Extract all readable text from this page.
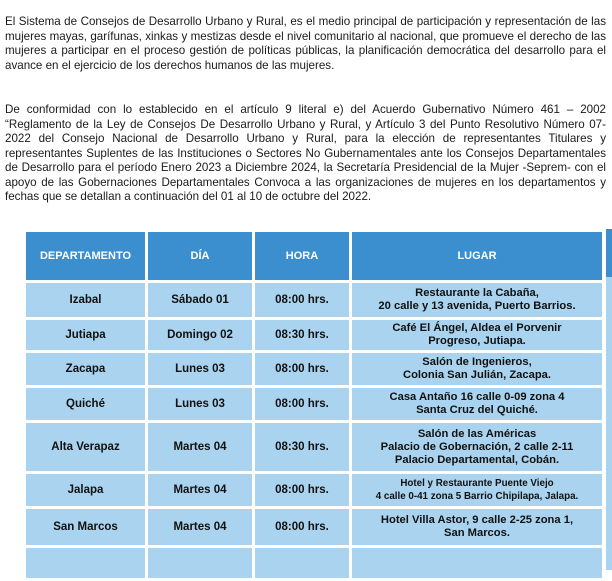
El Sistema de Consejos de Desarrollo Urbano y Rural, es el medio principal de participación y representación de las mujeres mayas, garífunas, xinkas y mestizas desde el nivel comunitario al nacional, que promueve el derecho de las mujeres a participar en el proceso gestión de políticas públicas, la planificación democrática del desarrollo para el avance en el ejercicio de los derechos humanos de las mujeres.

De conformidad con lo establecido en el artículo 9 literal e) del Acuerdo Gubernativo Número 461 – 2002 “Reglamento de la Ley de Consejos De Desarrollo Urbano y Rural, y Artículo 3 del Punto Resolutivo Número 07-2022 del Consejo Nacional de Desarrollo Urbano y Rural, para la elección de representantes Titulares y representantes Suplentes de las Instituciones o Sectores No Gubernamentales ante los Consejos Departamentales de Desarrollo para el período Enero 2023 a Diciembre 2024, la Secretaría Presidencial de la Mujer -Seprem- con el apoyo de las Gobernaciones Departamentales Convoca a las organizaciones de mujeres en los departamentos y fechas que se detallan a continuación del 01 al 10 de octubre del 2022.

DEPARTAMENTO	DÍA	HORA	LUGAR
Izabal	Sábado 01	08:00 hrs.	Restaurante la Cabaña,
20 calle y 13 avenida, Puerto Barrios.
Jutiapa	Domingo 02	08:30 hrs.	Café El Ángel, Aldea el Porvenir
Progreso, Jutiapa.
Zacapa	Lunes 03	08:00 hrs.	Salón de Ingenieros,
Colonia San Julián, Zacapa.
Quiché	Lunes 03	08:00 hrs.	Casa Antaño 16 calle 0-09 zona 4
Santa Cruz del Quiché.
Alta Verapaz	Martes 04	08:30 hrs.	Salón de las Américas
Palacio de Gobernación, 2 calle 2-11
Palacio Departamental, Cobán.
Jalapa	Martes 04	08:00 hrs.	Hotel y Restaurante Puente Viejo
4 calle 0-41 zona 5 Barrio Chipilapa, Jalapa.
San Marcos	Martes 04	08:00 hrs.	Hotel Villa Astor, 9 calle 2-25 zona 1,
San Marcos.
